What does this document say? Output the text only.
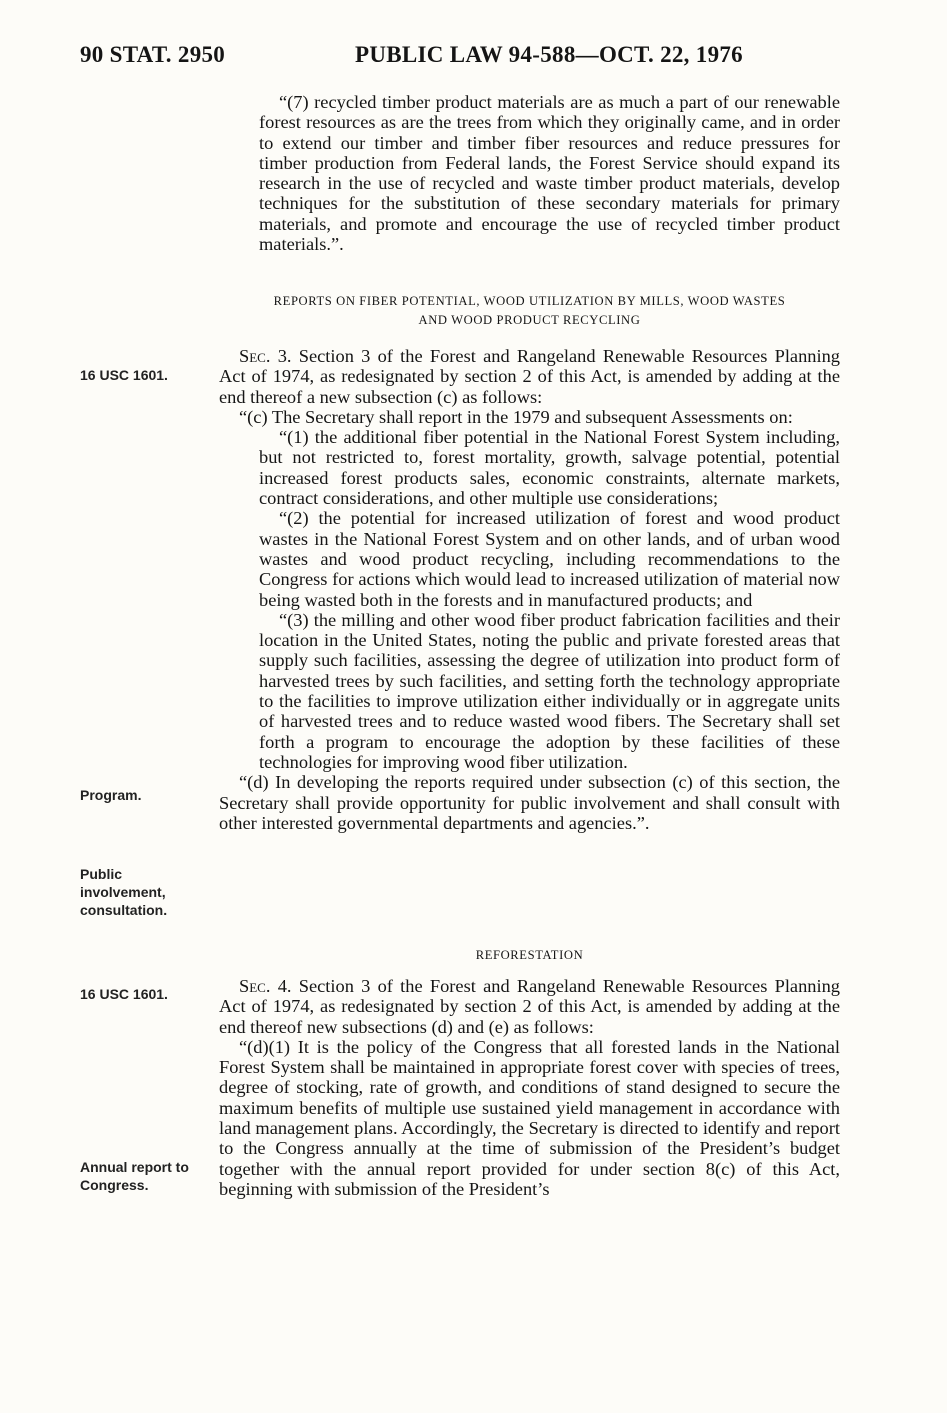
90 STAT. 2950	PUBLIC LAW 94-588—OCT. 22, 1976

“(7) recycled timber product materials are as much a part of our renewable forest resources as are the trees from which they originally came, and in order to extend our timber and timber fiber resources and reduce pressures for timber production from Federal lands, the Forest Service should expand its research in the use of recycled and waste timber product materials, develop techniques for the substitution of these secondary materials for primary materials, and promote and encourage the use of recycled timber product materials.”.

REPORTS ON FIBER POTENTIAL, WOOD UTILIZATION BY MILLS, WOOD WASTES
AND WOOD PRODUCT RECYCLING

Sec. 3. Section 3 of the Forest and Rangeland Renewable Resources Planning Act of 1974, as redesignated by section 2 of this Act, is amended by adding at the end thereof a new subsection (c) as follows:

“(c) The Secretary shall report in the 1979 and subsequent Assessments on:

“(1) the additional fiber potential in the National Forest System including, but not restricted to, forest mortality, growth, salvage potential, potential increased forest products sales, economic constraints, alternate markets, contract considerations, and other multiple use considerations;

“(2) the potential for increased utilization of forest and wood product wastes in the National Forest System and on other lands, and of urban wood wastes and wood product recycling, including recommendations to the Congress for actions which would lead to increased utilization of material now being wasted both in the forests and in manufactured products; and

“(3) the milling and other wood fiber product fabrication facilities and their location in the United States, noting the public and private forested areas that supply such facilities, assessing the degree of utilization into product form of harvested trees by such facilities, and setting forth the technology appropriate to the facilities to improve utilization either individually or in aggregate units of harvested trees and to reduce wasted wood fibers. The Secretary shall set forth a program to encourage the adoption by these facilities of these technologies for improving wood fiber utilization.

“(d) In developing the reports required under subsection (c) of this section, the Secretary shall provide opportunity for public involvement and shall consult with other interested governmental departments and agencies.”.

REFORESTATION

Sec. 4. Section 3 of the Forest and Rangeland Renewable Resources Planning Act of 1974, as redesignated by section 2 of this Act, is amended by adding at the end thereof new subsections (d) and (e) as follows:

“(d)(1) It is the policy of the Congress that all forested lands in the National Forest System shall be maintained in appropriate forest cover with species of trees, degree of stocking, rate of growth, and conditions of stand designed to secure the maximum benefits of multiple use sustained yield management in accordance with land management plans. Accordingly, the Secretary is directed to identify and report to the Congress annually at the time of submission of the President’s budget together with the annual report provided for under section 8(c) of this Act, beginning with submission of the President’s

16 USC 1601.
Program.
Public
involvement,
consultation.
16 USC 1601.
Annual report to
Congress.
